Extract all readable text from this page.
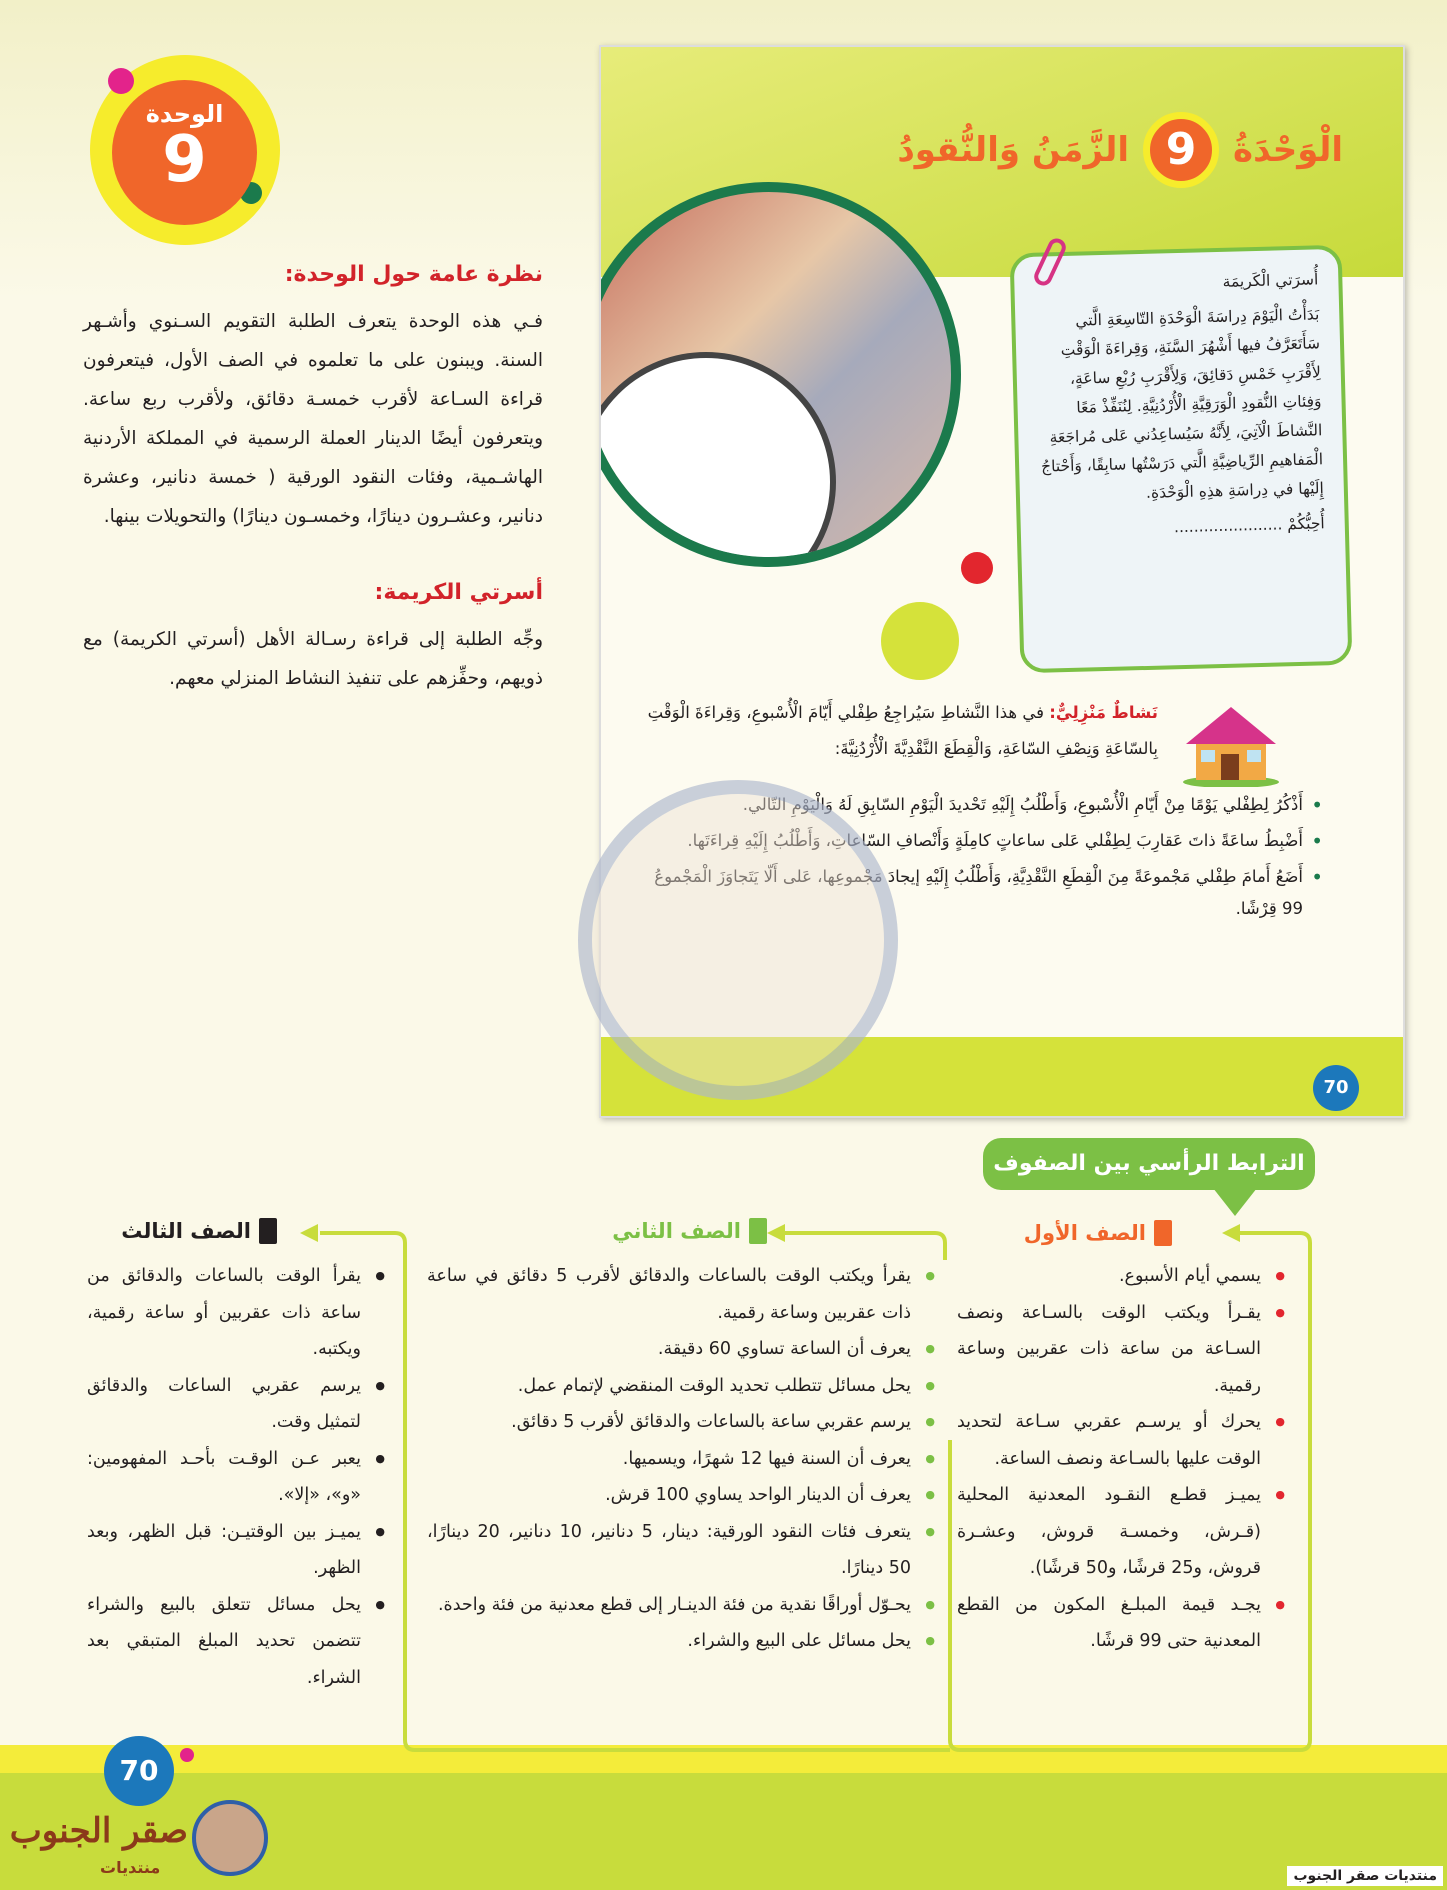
الوحدة
9
نظرة عامة حول الوحدة:
فـي هذه الوحدة يتعرف الطلبة التقويم السـنوي وأشـهر السنة. ويبنون على ما تعلموه في الصف الأول، فيتعرفون قراءة السـاعة لأقرب خمسـة دقائق، ولأقرب ربع ساعة. ويتعرفون أيضًا الدينار العملة الرسمية في المملكة الأردنية الهاشـمية، وفئات النقود الورقية ( خمسة دنانير، وعشرة دنانير، وعشـرون دينارًا، وخمسـون دينارًا) والتحويلات بينها.
أسرتي الكريمة:
وجِّه الطلبة إلى قراءة رسـالة الأهل (أسرتي الكريمة) مع ذويهم، وحفِّزهم على تنفيذ النشاط المنزلي معهم.
الْوَحْدَةُ
9
الزَّمَنُ وَالنُّقودُ

أُسرَتي الْكَريمَة

بَدَأْتُ الْيَوْمَ دِراسَةَ الْوَحْدَةِ التّاسِعَةِ الَّتي سَأَتَعَرَّفُ فيها أَشْهُرَ السَّنَةِ، وَقِراءَةَ الْوَقْتِ لِأَقْرَبِ خَمْسِ دَقائِقَ، وَلِأَقْرَبِ رُبْعِ ساعَةٍ، وَفِئاتِ النُّقودِ الْوَرَقِيَّةِ الْأُرْدُنِيَّةِ. لِنُنَفِّذْ مَعًا النَّشاطَ الْآتِيَ، لِأَنَّهُ سَيُساعِدُني عَلى مُراجَعَةِ الْمَفاهيمِ الرِّياضِيَّةِ الَّتي دَرَسْتُها سابِقًا، وَأَحْتاجُ إِلَيْها في دِراسَةِ هذِهِ الْوَحْدَةِ.

أُحِبُّكُمْ ......................

نَشاطٌ مَنْزِلِيٌّ: في هذا النَّشاطِ سَيُراجِعُ طِفْلي أَيّامَ الْأُسْبوعِ، وَقِراءَةَ الْوَقْتِ بِالسّاعَةِ وَنِصْفِ السّاعَةِ، وَالْقِطَعَ النَّقْدِيَّةَ الْأُرْدُنِيَّةَ:
• أَذْكُرُ لِطِفْلي يَوْمًا مِنْ أَيّامِ الْأُسْبوعِ، وَأَطْلُبُ إِلَيْهِ تَحْديدَ الْيَوْمِ السّابِقِ لَهُ وَالْيَوْمِ التّالي.
• أَضْبِطُ ساعَةً ذاتَ عَقارِبَ لِطِفْلي عَلى ساعاتٍ كامِلَةٍ وَأَنْصافِ السّاعاتِ، وَأَطْلُبُ إِلَيْهِ قِراءَتَها.
• أَضَعُ أَمامَ طِفْلي مَجْموعَةً مِنَ الْقِطَعِ النَّقْدِيَّةِ، وَأَطْلُبُ إِلَيْهِ إيجادَ مَجْموعِها، عَلى أَلّا يَتَجاوَزَ الْمَجْموعُ 99 قِرْشًا.
70
الترابط الرأسي بين الصفوف
الصف الأول
الصف الثاني
الصف الثالث
● يسمي أيام الأسبوع.
● يقـرأ ويكتب الوقت بالسـاعة ونصف السـاعة من ساعة ذات عقربين وساعة رقمية.
● يحرك أو يرسـم عقربي سـاعة لتحديد الوقت عليها بالسـاعة ونصف الساعة.
● يميـز قطـع النقـود المعدنية المحلية (قـرش، وخمسـة قروش، وعشـرة قروش، و25 قرشًا، و50 قرشًا).
● يجـد قيمة المبلـغ المكون من القطع المعدنية حتى 99 قرشًا.
● يقرأ ويكتب الوقت بالساعات والدقائق لأقرب 5 دقائق في ساعة ذات عقربين وساعة رقمية.
● يعرف أن الساعة تساوي 60 دقيقة.
● يحل مسائل تتطلب تحديد الوقت المنقضي لإتمام عمل.
● يرسم عقربي ساعة بالساعات والدقائق لأقرب 5 دقائق.
● يعرف أن السنة فيها 12 شهرًا، ويسميها.
● يعرف أن الدينار الواحد يساوي 100 قرش.
● يتعرف فئات النقود الورقية: دينار، 5 دنانير، 10 دنانير، 20 دينارًا، 50 دينارًا.
● يحـوّل أوراقًا نقدية من فئة الدينـار إلى قطع معدنية من فئة واحدة.
● يحل مسائل على البيع والشراء.
● يقرأ الوقت بالساعات والدقائق من ساعة ذات عقربين أو ساعة رقمية، ويكتبه.
● يرسم عقربي الساعات والدقائق لتمثيل وقت.
● يعبر عـن الوقـت بأحـد المفهومين: «و»، «إلا».
● يميـز بين الوقتيـن: قبل الظهر، وبعد الظهر.
● يحل مسائل تتعلق بالبيع والشراء تتضمن تحديد المبلغ المتبقي بعد الشراء.
70
صقر الجنوب
منتديات	منتديات صقر الجنوب
